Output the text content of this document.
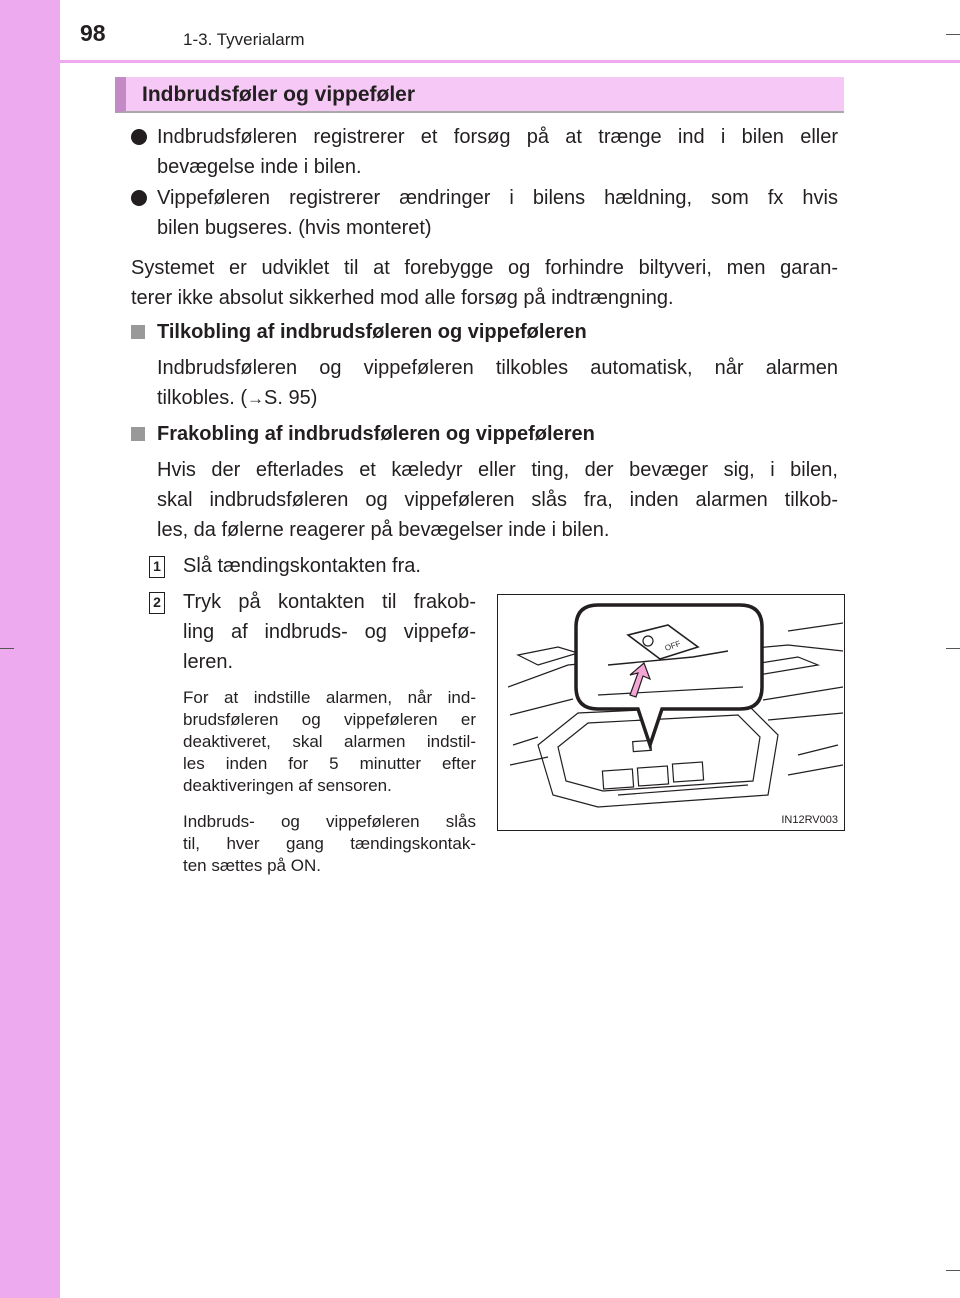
98	1-3. Tyverialarm
Indbrudsføler og vippeføler

Indbrudsføleren registrerer et forsøg på at trænge ind i bilen eller

bevægelse inde i bilen.

Vippeføleren registrerer ændringer i bilens hældning, som fx hvis

bilen bugseres. (hvis monteret)

Systemet er udviklet til at forebygge og forhindre biltyveri, men garan-

terer ikke absolut sikkerhed mod alle forsøg på indtrængning.

Tilkobling af indbrudsføleren og vippeføleren

Indbrudsføleren og vippeføleren tilkobles automatisk, når alarmen

tilkobles. (→S. 95)

Frakobling af indbrudsføleren og vippeføleren

Hvis der efterlades et kæledyr eller ting, der bevæger sig, i bilen,

skal indbrudsføleren og vippeføleren slås fra, inden alarmen tilkob-

les, da følerne reagerer på bevægelser inde i bilen.

1 Slå tændingskontakten fra.

2 Tryk på kontakten til frakob-

ling af indbruds- og vippefø-

leren.

For at indstille alarmen, når ind-

brudsføleren og vippeføleren er

deaktiveret, skal alarmen indstil-

les inden for 5 minutter efter

deaktiveringen af sensoren.

Indbruds- og vippeføleren slås

til, hver gang tændingskontak-

ten sættes på ON.

OFF
IN12RV003
